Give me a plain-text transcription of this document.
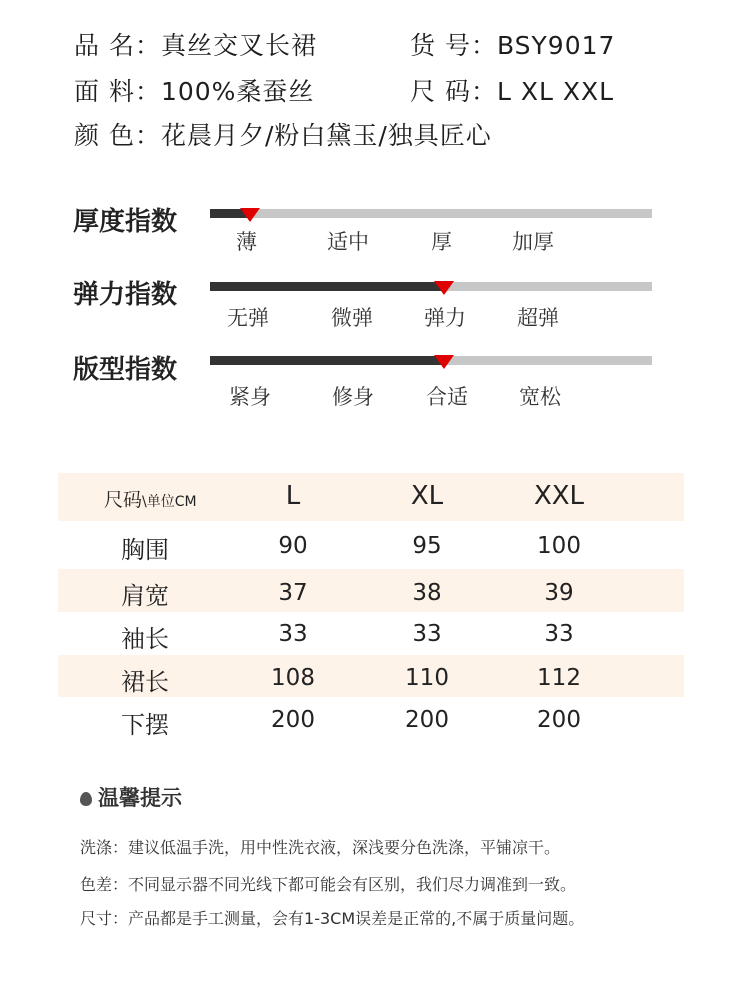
品 名：真丝交叉长裙	货 号：BSY9017
面 料：100%桑蚕丝	尺 码：L XL XXL
颜 色：花晨月夕/粉白黛玉/独具匠心
厚度指数
薄	适中	厚	加厚
弹力指数
无弹	微弹 弹力 超弹
版型指数
紧身	修身 合适 宽松
尺码\单位CM	L	XL	XXL
胸围	90	95	100
肩宽	37	38	39
袖长	33	33	33
裙长	108	110	112
下摆	200	200	200
温馨提示
洗涤：建议低温手洗，用中性洗衣液，深浅要分色洗涤，平铺凉干。
色差：不同显示器不同光线下都可能会有区别，我们尽力调准到一致。
尺寸：产品都是手工测量，会有1-3CM误差是正常的,不属于质量问题。
